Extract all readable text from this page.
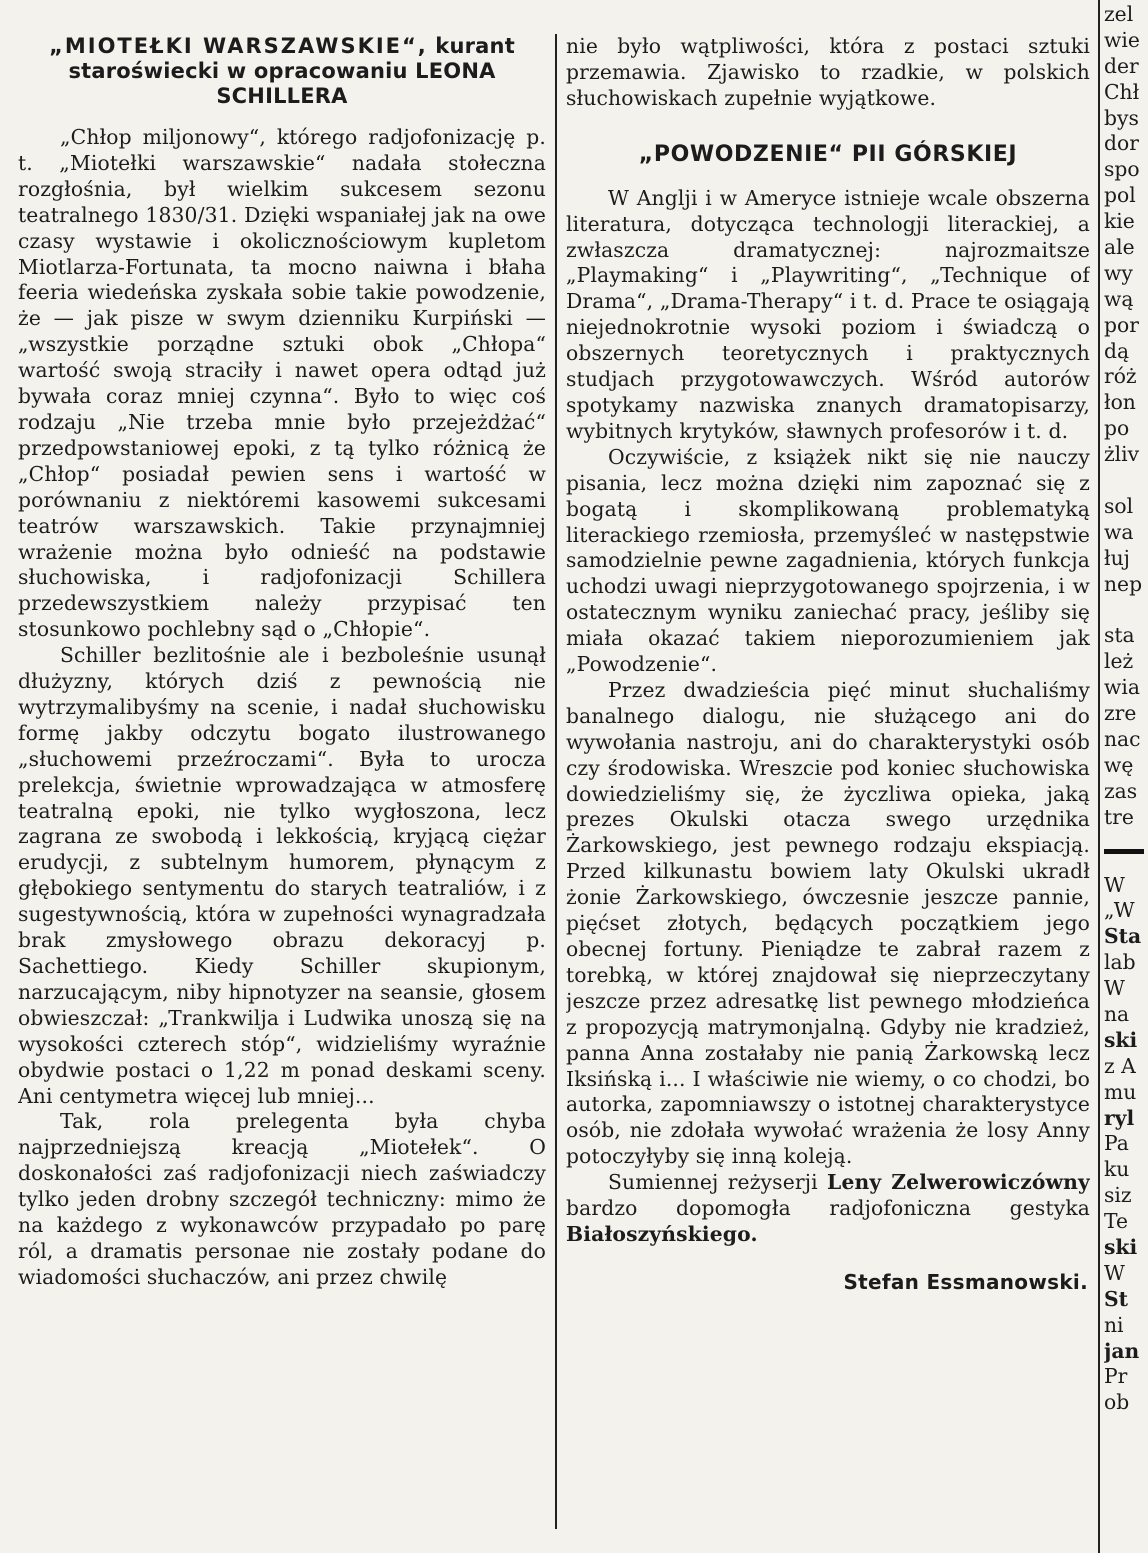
„MIOTEŁKI WARSZAWSKIE“, kurant staroświecki w opracowaniu LEONA SCHILLERA

„Chłop miljonowy“, którego radjofonizację p. t. „Miotełki warszawskie“ nadała stołeczna rozgłośnia, był wielkim sukcesem sezonu teatralnego 1830/31. Dzięki wspaniałej jak na owe czasy wystawie i okolicznościowym kupletom Miotlarza-Fortunata, ta mocno naiwna i błaha feeria wiedeńska zyskała sobie takie powodzenie, że — jak pisze w swym dzienniku Kurpiński — „wszystkie porządne sztuki obok „Chłopa“ wartość swoją straciły i nawet opera odtąd już bywała coraz mniej czynna“. Było to więc coś rodzaju „Nie trzeba mnie było przejeżdżać“ przedpowstaniowej epoki, z tą tylko różnicą że „Chłop“ posiadał pewien sens i wartość w porównaniu z niektóremi kasowemi sukcesami teatrów warszawskich. Takie przynajmniej wrażenie można było odnieść na podstawie słuchowiska, i radjofonizacji Schillera przedewszystkiem należy przypisać ten stosunkowo pochlebny sąd o „Chłopie“.

Schiller bezlitośnie ale i bezboleśnie usunął dłużyzny, których dziś z pewnością nie wytrzymalibyśmy na scenie, i nadał słuchowisku formę jakby odczytu bogato ilustrowanego „słuchowemi przeźroczami“. Była to urocza prelekcja, świetnie wprowadzająca w atmosferę teatralną epoki, nie tylko wygłoszona, lecz zagrana ze swobodą i lekkością, kryjącą ciężar erudycji, z subtelnym humorem, płynącym z głębokiego sentymentu do starych teatraliów, i z sugestywnością, która w zupełności wynagradzała brak zmysłowego obrazu dekoracyj p. Sachettiego. Kiedy Schiller skupionym, narzucającym, niby hipnotyzer na seansie, głosem obwieszczał: „Trankwilja i Ludwika unoszą się na wysokości czterech stóp“, widzieliśmy wyraźnie obydwie postaci o 1,22 m ponad deskami sceny. Ani centymetra więcej lub mniej...

Tak, rola prelegenta była chyba najprzedniejszą kreacją „Miotełek“. O doskonałości zaś radjofonizacji niech zaświadczy tylko jeden drobny szczegół techniczny: mimo że na każdego z wykonawców przypadało po parę ról, a dramatis personae nie zostały podane do wiadomości słuchaczów, ani przez chwilę

nie było wątpliwości, która z postaci sztuki przemawia. Zjawisko to rzadkie, w polskich słuchowiskach zupełnie wyjątkowe.

„POWODZENIE“ PII GÓRSKIEJ

W Anglji i w Ameryce istnieje wcale obszerna literatura, dotycząca technologji literackiej, a zwłaszcza dramatycznej: najrozmaitsze „Playmaking“ i „Playwriting“, „Technique of Drama“, „Drama-Therapy“ i t. d. Prace te osiągają niejednokrotnie wysoki poziom i świadczą o obszernych teoretycznych i praktycznych studjach przygotowawczych. Wśród autorów spotykamy nazwiska znanych dramatopisarzy, wybitnych krytyków, sławnych profesorów i t. d.

Oczywiście, z książek nikt się nie nauczy pisania, lecz można dzięki nim zapoznać się z bogatą i skomplikowaną problematyką literackiego rzemiosła, przemyśleć w następstwie samodzielnie pewne zagadnienia, których funkcja uchodzi uwagi nieprzygotowanego spojrzenia, i w ostatecznym wyniku zaniechać pracy, jeśliby się miała okazać takiem nieporozumieniem jak „Powodzenie“.

Przez dwadzieścia pięć minut słuchaliśmy banalnego dialogu, nie służącego ani do wywołania nastroju, ani do charakterystyki osób czy środowiska. Wreszcie pod koniec słuchowiska dowiedzieliśmy się, że życzliwa opieka, jaką prezes Okulski otacza swego urzędnika Żarkowskiego, jest pewnego rodzaju ekspiacją. Przed kilkunastu bowiem laty Okulski ukradł żonie Żarkowskiego, ówczesnie jeszcze pannie, pięćset złotych, będących początkiem jego obecnej fortuny. Pieniądze te zabrał razem z torebką, w której znajdował się nieprzeczytany jeszcze przez adresatkę list pewnego młodzieńca z propozycją matrymonjalną. Gdyby nie kradzież, panna Anna zostałaby nie panią Żarkowską lecz Iksińską i... I właściwie nie wiemy, o co chodzi, bo autorka, zapomniawszy o istotnej charakterystyce osób, nie zdołała wywołać wrażenia że losy Anny potoczyłyby się inną koleją.

Sumiennej reżyserji Leny Zelwerowiczówny bardzo dopomogła radjofoniczna gestyka Białoszyńskiego.

Stefan Essmanowski.
zel
wie
der
Chł
bys
dor
spo
pol
kie
ale
wy
wą
por
dą
róż
łon
po
żliv
sol
wa
łuj
nep
sta
leż
wia
zre
nac
wę
zas
tre
W
„W
Sta
lab
W
na
ski
z A
mu
ryl
Pa
ku
siz
Te
ski
W
St
ni
jan
Pr
ob
